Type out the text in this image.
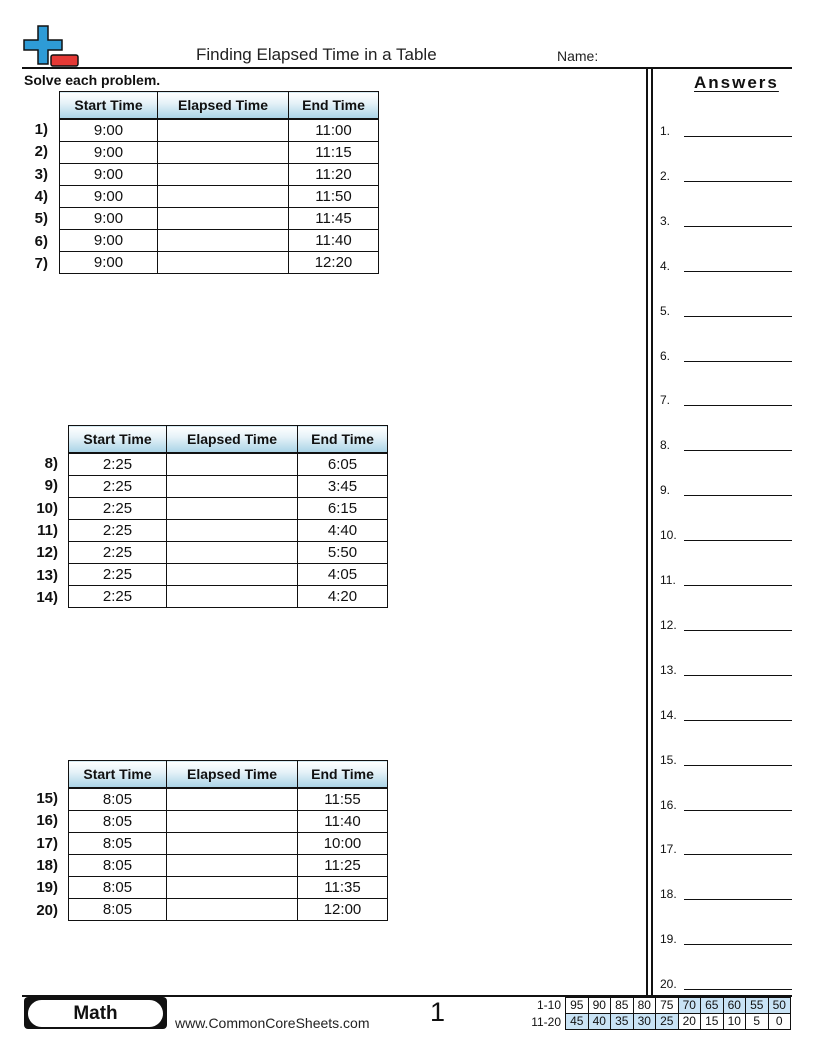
Finding Elapsed Time in a Table	Name:
Solve each problem.
1)
2)
3)
4)
5)
6)
7)
Start Time	Elapsed Time	End Time
9:00		11:00
9:00		11:15
9:00		11:20
9:00		11:50
9:00		11:45
9:00		11:40
9:00		12:20
8)
9)
10)
11)
12)
13)
14)
Start Time	Elapsed Time	End Time
2:25		6:05
2:25		3:45
2:25		6:15
2:25		4:40
2:25		5:50
2:25		4:05
2:25		4:20
15)
16)
17)
18)
19)
20)
Start Time	Elapsed Time	End Time
8:05		11:55
8:05		11:40
8:05		10:00
8:05		11:25
8:05		11:35
8:05		12:00
Answers
1.
2.
3.
4.
5.
6.
7.
8.
9.
10.
11.
12.
13.
14.
15.
16.
17.
18.
19.
20.
Math	www.CommonCoreSheets.com 1	1-10
11-20
95	90	85	80	75	70	65	60	55	50
45	40	35	30	25	20	15	10	5	0
